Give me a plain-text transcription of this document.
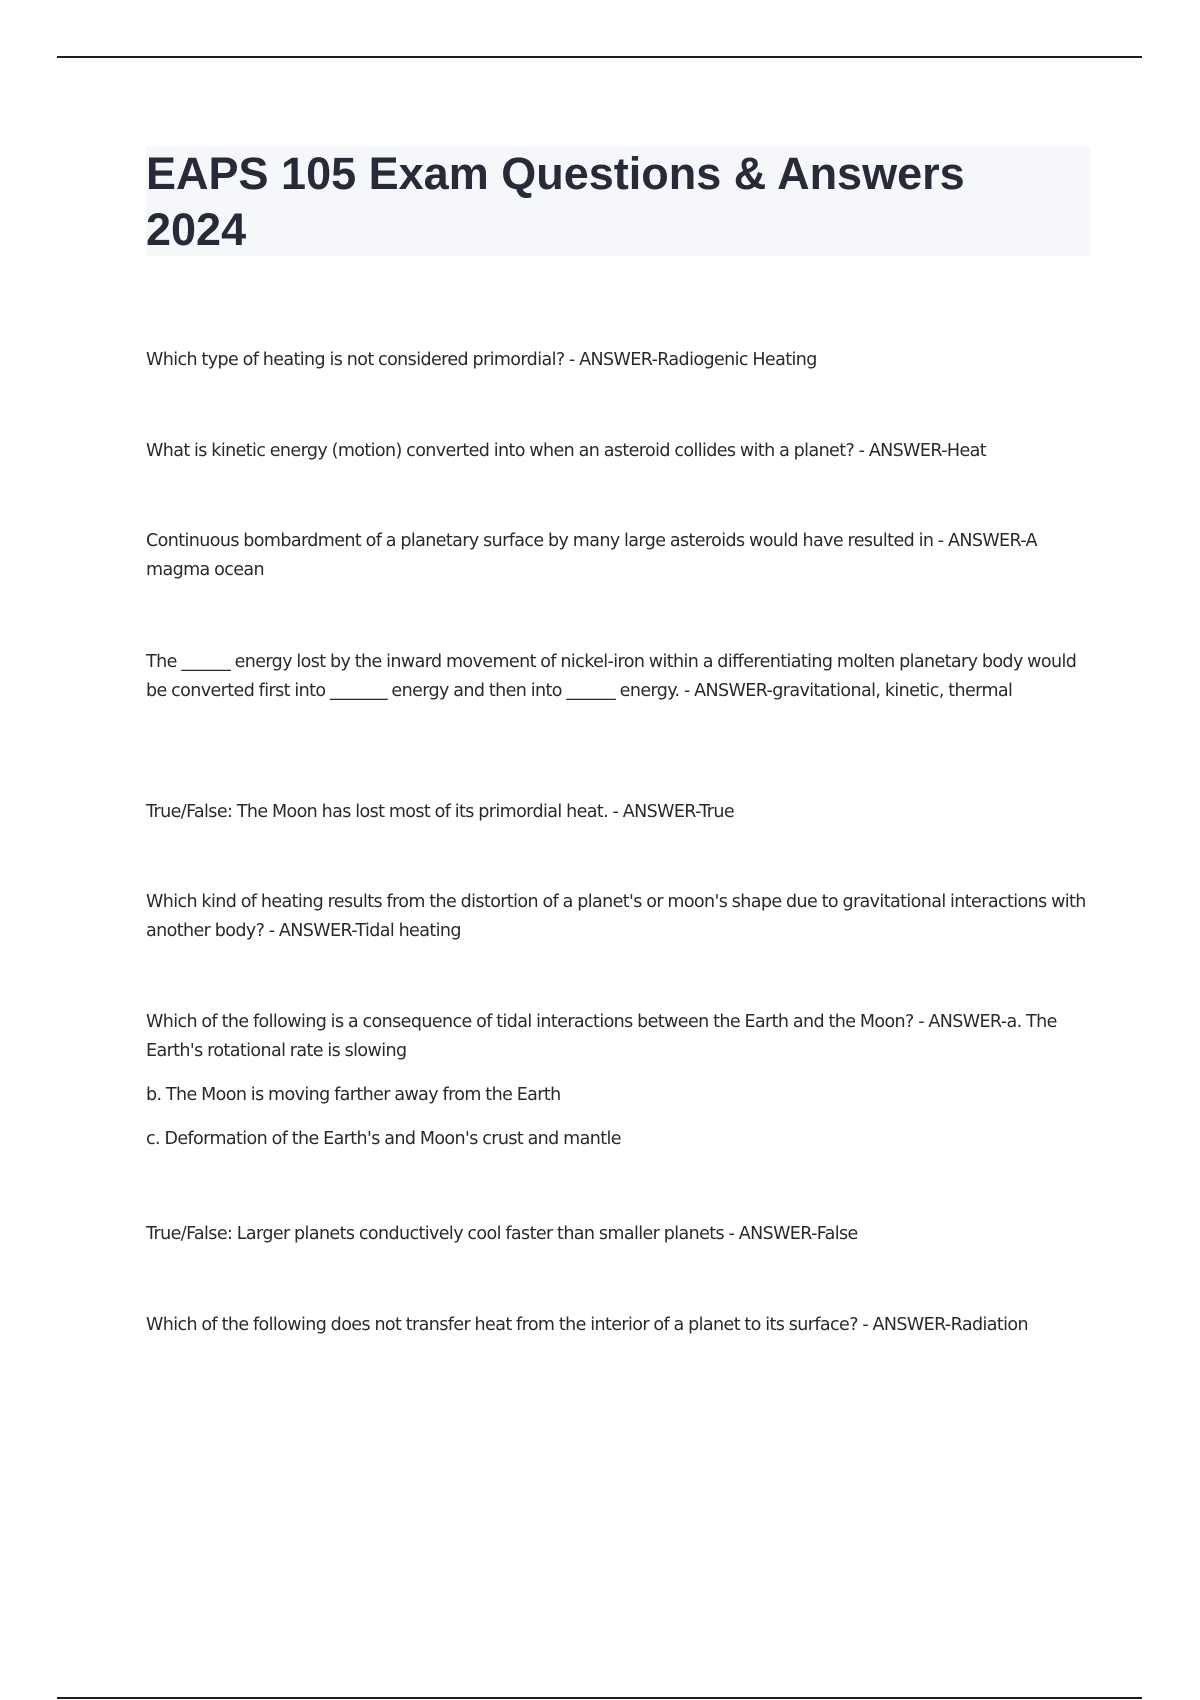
EAPS 105 Exam Questions & Answers
2024

Which type of heating is not considered primordial? - ANSWER-Radiogenic Heating

What is kinetic energy (motion) converted into when an asteroid collides with a planet? - ANSWER-Heat

Continuous bombardment of a planetary surface by many large asteroids would have resulted in - ANSWER-A magma ocean

The ______ energy lost by the inward movement of nickel-iron within a differentiating molten planetary body would be converted first into _______ energy and then into ______ energy. - ANSWER-gravitational, kinetic, thermal

True/False: The Moon has lost most of its primordial heat. - ANSWER-True

Which kind of heating results from the distortion of a planet's or moon's shape due to gravitational interactions with another body? - ANSWER-Tidal heating

Which of the following is a consequence of tidal interactions between the Earth and the Moon? - ANSWER-a. The Earth's rotational rate is slowing

b. The Moon is moving farther away from the Earth

c. Deformation of the Earth's and Moon's crust and mantle

True/False: Larger planets conductively cool faster than smaller planets - ANSWER-False

Which of the following does not transfer heat from the interior of a planet to its surface? - ANSWER-Radiation
